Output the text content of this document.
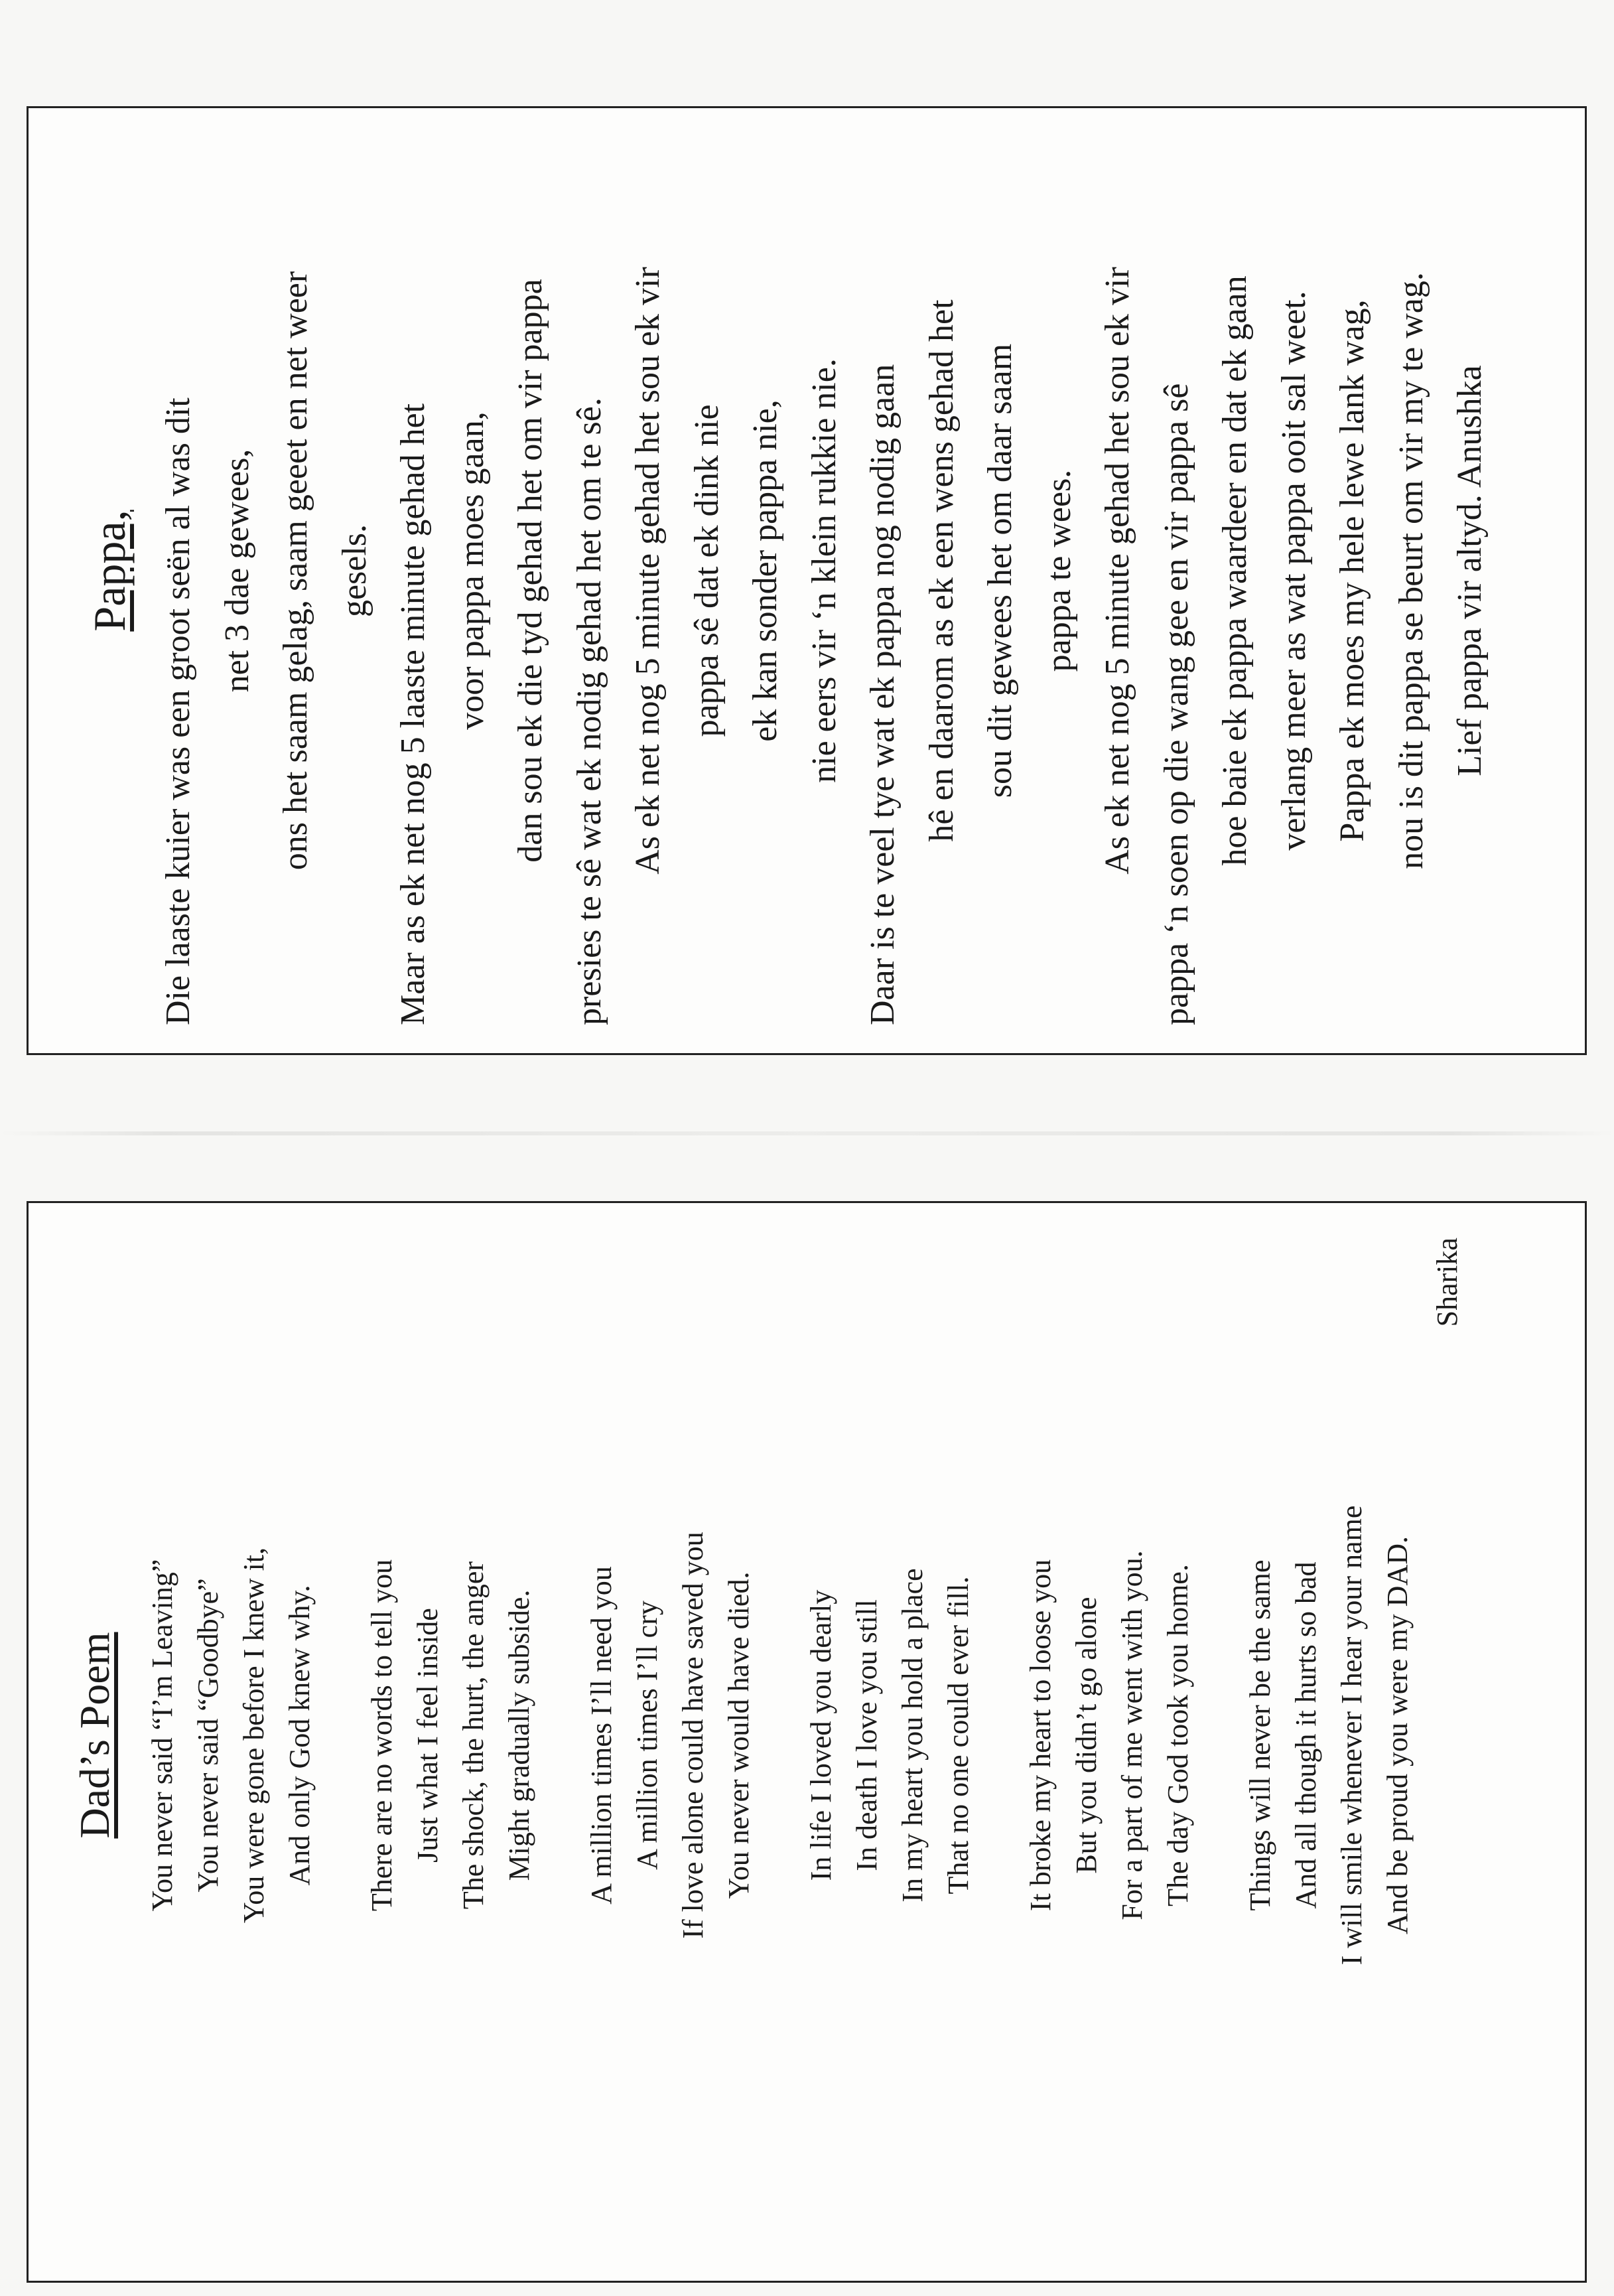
Pappa, Die laaste kuier was een groot seën al was dit net 3 dae gewees, ons het saam gelag, saam geeet en net weer gesels. Maar as ek net nog 5 laaste minute gehad het voor pappa moes gaan, dan sou ek die tyd gehad het om vir pappa presies te sê wat ek nodig gehad het om te sê. As ek net nog 5 minute gehad het sou ek vir pappa sê dat ek dink nie ek kan sonder pappa nie, nie eers vir ‘n klein rukkie nie. Daar is te veel tye wat ek pappa nog nodig gaan hê en daarom as ek een wens gehad het sou dit gewees het om daar saam pappa te wees. As ek net nog 5 minute gehad het sou ek vir pappa ‘n soen op die wang gee en vir pappa sê hoe baie ek pappa waardeer en dat ek gaan verlang meer as wat pappa ooit sal weet. Pappa ek moes my hele lewe lank wag, nou is dit pappa se beurt om vir my te wag. Lief pappa vir altyd. Anushka
Dad’s Poem You never said “I’m Leaving” You never said “Goodbye” You were gone before I knew it, And only God knew why. There are no words to tell you Just what I feel inside The shock, the hurt, the anger Might gradually subside. A million times I’ll need you A million times I’ll cry If love alone could have saved you You never would have died. In life I loved you dearly In death I love you still In my heart you hold a place That no one could ever fill. It broke my heart to loose you But you didn’t go alone For a part of me went with you. The day God took you home. Things will never be the same And all though it hurts so bad I will smile whenever I hear your name And be proud you were my DAD.
Sharika
